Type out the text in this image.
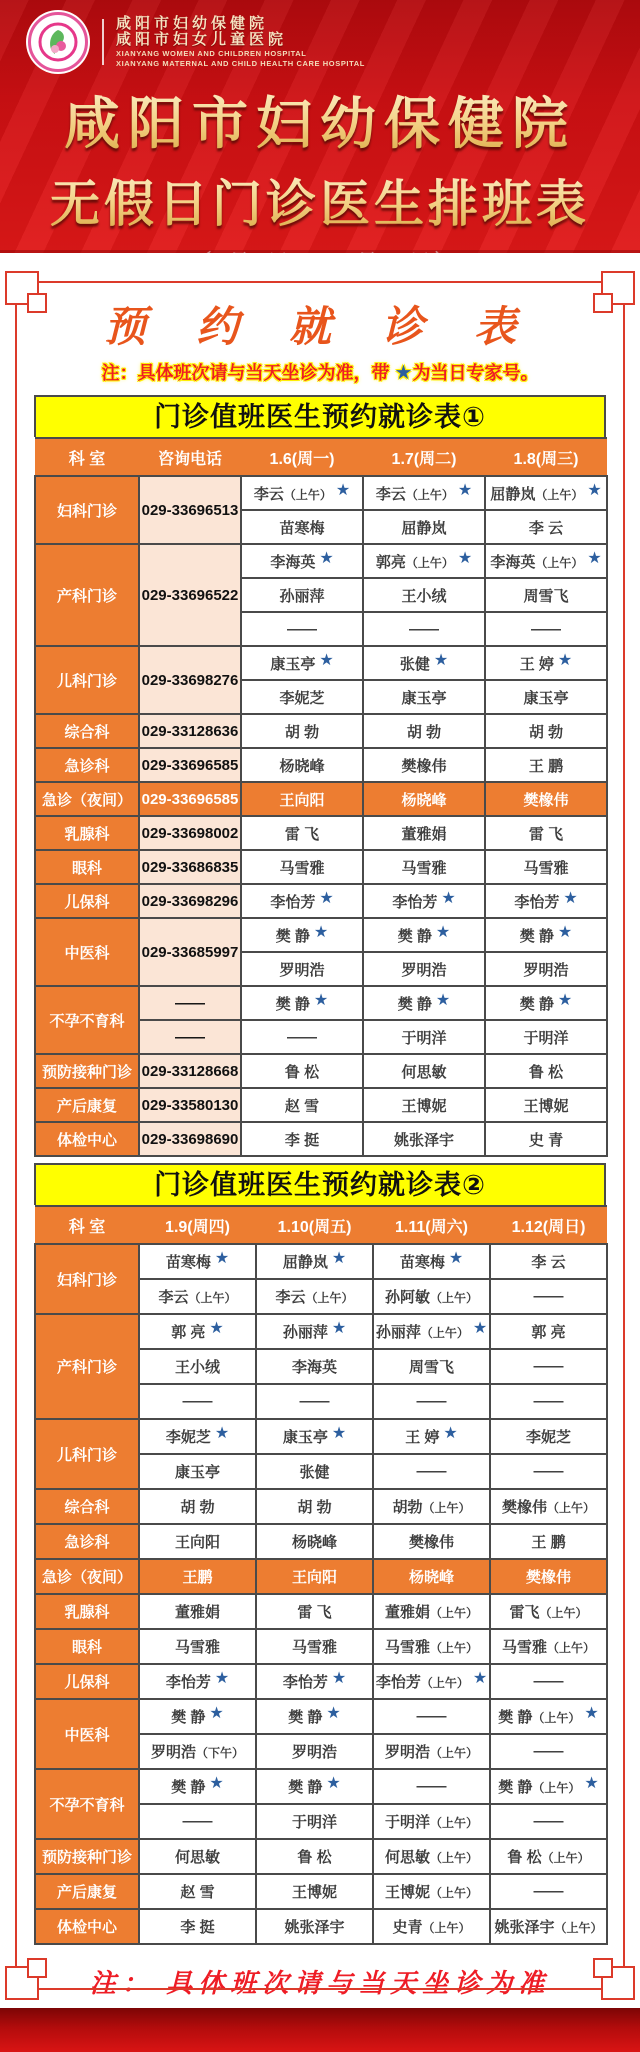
咸阳市妇幼保健院
咸阳市妇女儿童医院
XIANYANG WOMEN AND CHILDREN HOSPITAL
XIANYANG MATERNAL AND CHILD HEALTH CARE HOSPITAL
咸阳市妇幼保健院
无假日门诊医生排班表
预 约 就 诊 表

注：具体班次请与当天坐诊为准，带 ★为当日专家号。

门诊值班医生预约就诊表①
科 室	咨询电话	1.6(周一)	1.7(周二)	1.8(周三)
妇科门诊	029-33696513	李云（上午） ★	李云（上午） ★	屈静岚（上午） ★
		苗寒梅	屈静岚	李 云
产科门诊	029-33696522	李海英 ★	郭亮（上午） ★	李海英（上午） ★
		孙丽萍	王小绒	周雪飞
		——	——	——
儿科门诊	029-33698276	康玉亭 ★	张健 ★	王 婷 ★
		李妮芝	康玉亭	康玉亭
综合科	029-33128636	胡 勃	胡 勃	胡 勃
急诊科	029-33696585	杨晓峰	樊橡伟	王 鹏
急诊（夜间）	029-33696585	王向阳	杨晓峰	樊橡伟
乳腺科	029-33698002	雷 飞	董雅娟	雷 飞
眼科	029-33686835	马雪雅	马雪雅	马雪雅
儿保科	029-33698296	李怡芳 ★	李怡芳 ★	李怡芳 ★
中医科	029-33685997	樊 静 ★	樊 静 ★	樊 静 ★
		罗明浩	罗明浩	罗明浩
不孕不育科	——	樊 静 ★	樊 静 ★	樊 静 ★
	——	——	于明洋	于明洋
预防接种门诊	029-33128668	鲁 松	何思敏	鲁 松
产后康复	029-33580130	赵 雪	王博妮	王博妮
体检中心	029-33698690	李 挺	姚张泽宇	史 青
门诊值班医生预约就诊表②
科 室	1.9(周四)	1.10(周五)	1.11(周六)	1.12(周日)
妇科门诊	苗寒梅 ★	屈静岚 ★	苗寒梅 ★	李 云
	李云（上午）	李云（上午）	孙阿敏（上午）	——
产科门诊	郭 亮 ★	孙丽萍 ★	孙丽萍（上午） ★	郭 亮
	王小绒	李海英	周雪飞	——
	——	——	——	——
儿科门诊	李妮芝 ★	康玉亭 ★	王 婷 ★	李妮芝
	康玉亭	张健	——	——
综合科	胡 勃	胡 勃	胡勃（上午）	樊橡伟（上午）
急诊科	王向阳	杨晓峰	樊橡伟	王 鹏
急诊（夜间）	王鹏	王向阳	杨晓峰	樊橡伟
乳腺科	董雅娟	雷 飞	董雅娟（上午）	雷飞（上午）
眼科	马雪雅	马雪雅	马雪雅（上午）	马雪雅（上午）
儿保科	李怡芳 ★	李怡芳 ★	李怡芳（上午） ★	——
中医科	樊 静 ★	樊 静 ★	——	樊 静（上午） ★
	罗明浩（下午）	罗明浩	罗明浩（上午）	——
不孕不育科	樊 静 ★	樊 静 ★	——	樊 静（上午） ★
	——	于明洋	于明洋（上午）	——
预防接种门诊	何思敏	鲁 松	何思敏（上午）	鲁 松（上午）
产后康复	赵 雪	王博妮	王博妮（上午）	——
体检中心	李 挺	姚张泽宇	史青（上午）	姚张泽宇（上午）

注： 具体班次请与当天坐诊为准
